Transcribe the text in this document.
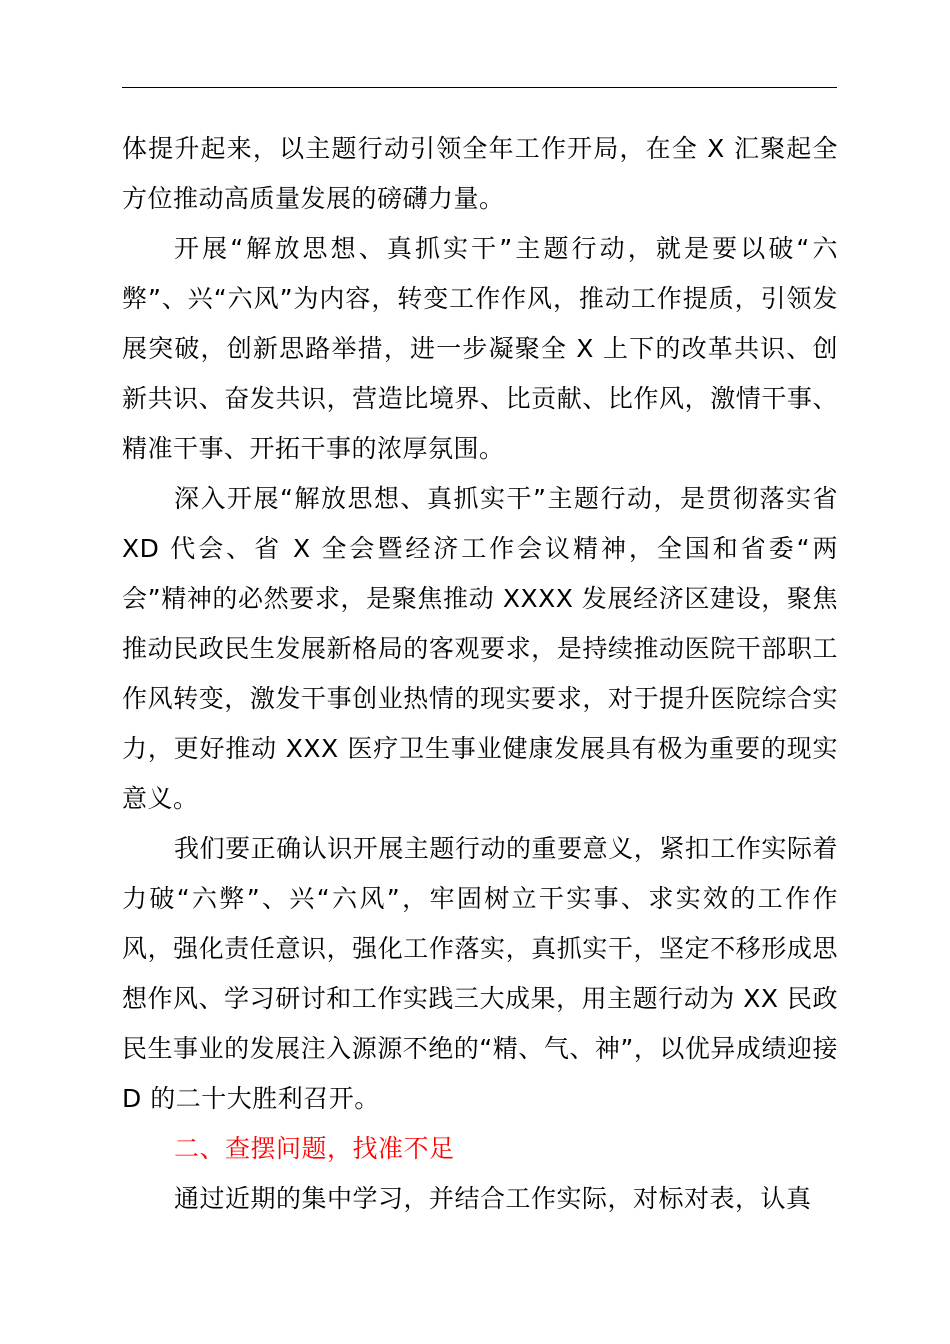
体提升起来，以主题行动引领全年工作开局，在全 X 汇聚起全方位推动高质量发展的磅礴力量。

开展“解放思想、真抓实干”主题行动，就是要以破“六弊”、兴“六风”为内容，转变工作作风，推动工作提质，引领发展突破，创新思路举措，进一步凝聚全 X 上下的改革共识、创新共识、奋发共识，营造比境界、比贡献、比作风，激情干事、精准干事、开拓干事的浓厚氛围。

深入开展“解放思想、真抓实干”主题行动，是贯彻落实省 XD 代会、省 X 全会暨经济工作会议精神，全国和省委“两会”精神的必然要求，是聚焦推动 XXXX 发展经济区建设，聚焦推动民政民生发展新格局的客观要求，是持续推动医院干部职工作风转变，激发干事创业热情的现实要求，对于提升医院综合实力，更好推动 XXX 医疗卫生事业健康发展具有极为重要的现实意义。

我们要正确认识开展主题行动的重要意义，紧扣工作实际着力破“六弊”、兴“六风”，牢固树立干实事、求实效的工作作风，强化责任意识，强化工作落实，真抓实干，坚定不移形成思想作风、学习研讨和工作实践三大成果，用主题行动为 XX 民政民生事业的发展注入源源不绝的“精、气、神”，以优异成绩迎接 D 的二十大胜利召开。

二、查摆问题，找准不足

通过近期的集中学习，并结合工作实际，对标对表，认真
